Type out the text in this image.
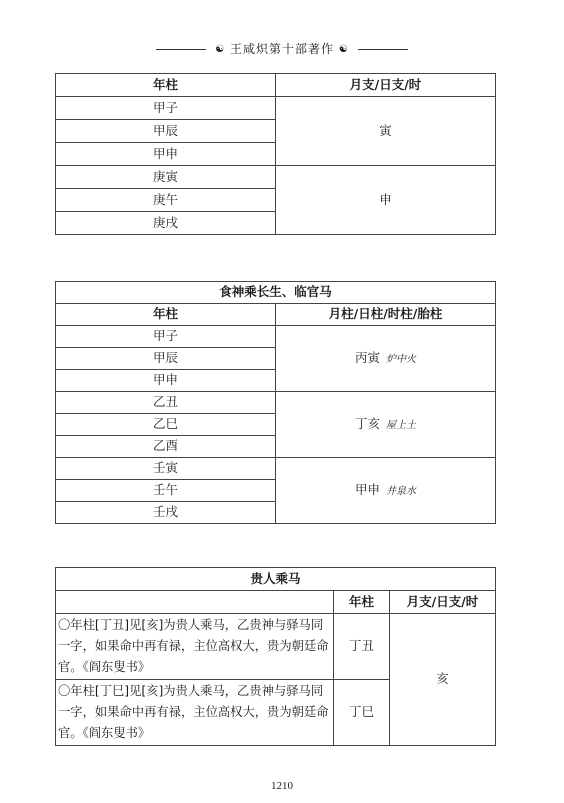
☯ 王咸炽第十部著作 ☯
年柱	月支/日支/时
甲子	寅
甲辰	
甲申	
庚寅	申
庚午	
庚戌	
食神乘长生、临官马	
年柱	月柱/日柱/时柱/胎柱
甲子	丙寅 炉中火
甲辰	
甲申	
乙丑	丁亥 屋上土
乙巳	
乙酉	
壬寅	甲申 井泉水
壬午	
壬戌	
贵人乘马		
	年柱	月支/日支/时
〇年柱[丁丑]见[亥]为贵人乘马，乙贵神与驿马同一字，如果命中再有禄，主位高权大，贵为朝廷命官。《阎东叟书》	丁丑	亥
〇年柱[丁巳]见[亥]为贵人乘马，乙贵神与驿马同一字，如果命中再有禄，主位高权大，贵为朝廷命官。《阎东叟书》	丁巳	
1210
